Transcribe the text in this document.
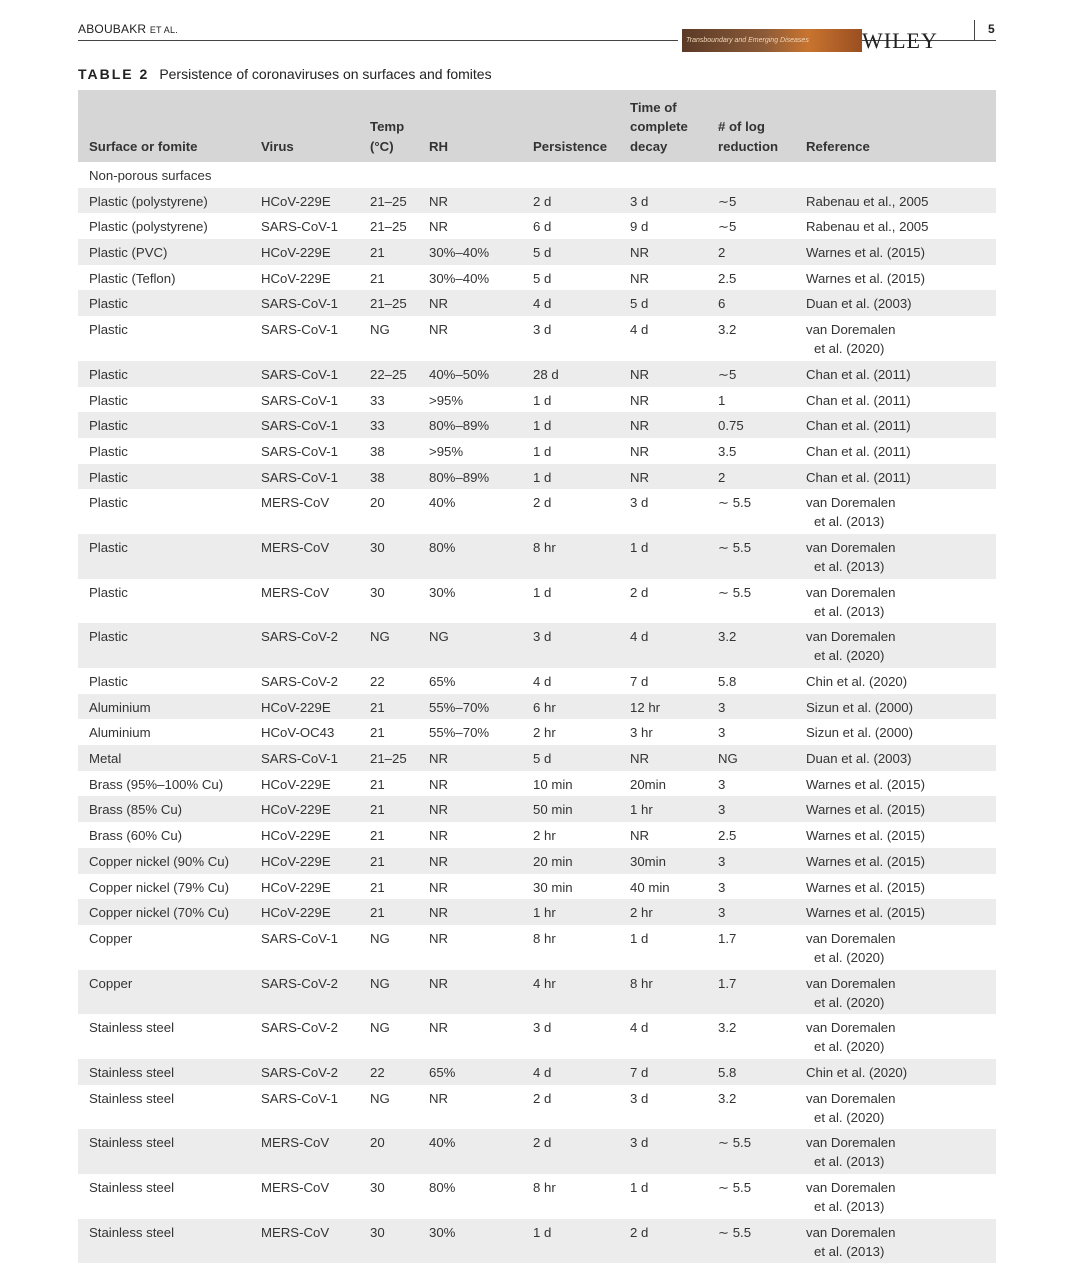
ABOUBAKR ET AL.
Transboundary and Emerging Diseases	WILEY	5
TABLE 2 Persistence of coronaviruses on surfaces and fomites
Surface or fomite	Virus	Temp (°C)	RH	Persistence	Time of complete decay	# of log reduction	Reference
Non-porous surfaces							
Plastic (polystyrene)	HCoV-229E	21–25	NR	2 d	3 d	∼5	Rabenau et al., 2005
Plastic (polystyrene)	SARS-CoV-1	21–25	NR	6 d	9 d	∼5	Rabenau et al., 2005
Plastic (PVC)	HCoV-229E	21	30%–40%	5 d	NR	2	Warnes et al. (2015)
Plastic (Teflon)	HCoV-229E	21	30%–40%	5 d	NR	2.5	Warnes et al. (2015)
Plastic	SARS-CoV-1	21–25	NR	4 d	5 d	6	Duan et al. (2003)
Plastic	SARS-CoV-1	NG	NR	3 d	4 d	3.2	van Doremalen
et al. (2020)

Plastic	SARS-CoV-1	22–25	40%–50%	28 d	NR	∼5	Chan et al. (2011)
Plastic	SARS-CoV-1	33	>95%	1 d	NR	1	Chan et al. (2011)
Plastic	SARS-CoV-1	33	80%–89%	1 d	NR	0.75	Chan et al. (2011)
Plastic	SARS-CoV-1	38	>95%	1 d	NR	3.5	Chan et al. (2011)
Plastic	SARS-CoV-1	38	80%–89%	1 d	NR	2	Chan et al. (2011)
Plastic	MERS-CoV	20	40%	2 d	3 d	∼ 5.5	van Doremalen
et al. (2013)

Plastic	MERS-CoV	30	80%	8 hr	1 d	∼ 5.5	van Doremalen
et al. (2013)

Plastic	MERS-CoV	30	30%	1 d	2 d	∼ 5.5	van Doremalen
et al. (2013)

Plastic	SARS-CoV-2	NG	NG	3 d	4 d	3.2	van Doremalen
et al. (2020)

Plastic	SARS-CoV-2	22	65%	4 d	7 d	5.8	Chin et al. (2020)
Aluminium	HCoV-229E	21	55%–70%	6 hr	12 hr	3	Sizun et al. (2000)
Aluminium	HCoV-OC43	21	55%–70%	2 hr	3 hr	3	Sizun et al. (2000)
Metal	SARS-CoV-1	21–25	NR	5 d	NR	NG	Duan et al. (2003)
Brass (95%–100% Cu)	HCoV-229E	21	NR	10 min	20min	3	Warnes et al. (2015)
Brass (85% Cu)	HCoV-229E	21	NR	50 min	1 hr	3	Warnes et al. (2015)
Brass (60% Cu)	HCoV-229E	21	NR	2 hr	NR	2.5	Warnes et al. (2015)
Copper nickel (90% Cu)	HCoV-229E	21	NR	20 min	30min	3	Warnes et al. (2015)
Copper nickel (79% Cu)	HCoV-229E	21	NR	30 min	40 min	3	Warnes et al. (2015)
Copper nickel (70% Cu)	HCoV-229E	21	NR	1 hr	2 hr	3	Warnes et al. (2015)
Copper	SARS-CoV-1	NG	NR	8 hr	1 d	1.7	van Doremalen
et al. (2020)

Copper	SARS-CoV-2	NG	NR	4 hr	8 hr	1.7	van Doremalen
et al. (2020)

Stainless steel	SARS-CoV-2	NG	NR	3 d	4 d	3.2	van Doremalen
et al. (2020)

Stainless steel	SARS-CoV-2	22	65%	4 d	7 d	5.8	Chin et al. (2020)
Stainless steel	SARS-CoV-1	NG	NR	2 d	3 d	3.2	van Doremalen
et al. (2020)

Stainless steel	MERS-CoV	20	40%	2 d	3 d	∼ 5.5	van Doremalen
et al. (2013)

Stainless steel	MERS-CoV	30	80%	8 hr	1 d	∼ 5.5	van Doremalen
et al. (2013)

Stainless steel	MERS-CoV	30	30%	1 d	2 d	∼ 5.5	van Doremalen
et al. (2013)
